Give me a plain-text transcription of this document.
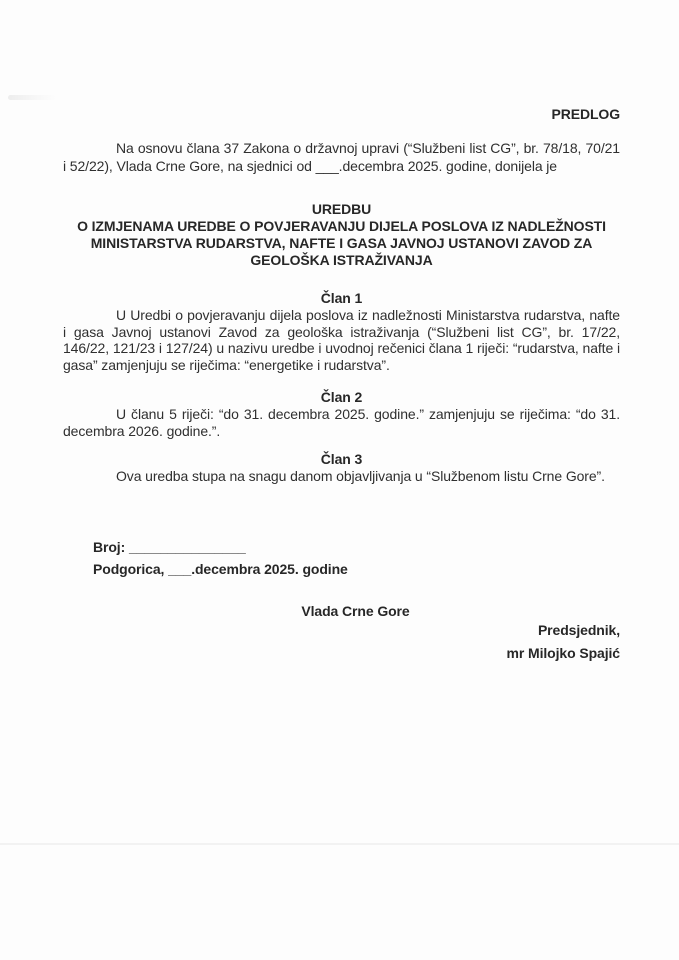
PREDLOG

Na osnovu člana 37 Zakona o državnoj upravi (“Službeni list CG”, br. 78/18, 70/21 i 52/22), Vlada Crne Gore, na sjednici od ___.decembra 2025. godine, donijela je

UREDBU
O IZMJENAMA UREDBE O POVJERAVANJU DIJELA POSLOVA IZ NADLEŽNOSTI
MINISTARSTVA RUDARSTVA, NAFTE I GASA JAVNOJ USTANOVI ZAVOD ZA
GEOLOŠKA ISTRAŽIVANJA
Član 1

U Uredbi o povjeravanju dijela poslova iz nadležnosti Ministarstva rudarstva, nafte i gasa Javnoj ustanovi Zavod za geološka istraživanja (“Službeni list CG”, br. 17/22, 146/22, 121/23 i 127/24) u nazivu uredbe i uvodnoj rečenici člana 1 riječi: “rudarstva, nafte i gasa” zamjenjuju se riječima: “energetike i rudarstva”.

Član 2

U članu 5 riječi: “do 31. decembra 2025. godine.” zamjenjuju se riječima: “do 31. decembra 2026. godine.”.

Član 3

Ova uredba stupa na snagu danom objavljivanja u “Službenom listu Crne Gore”.

Broj: _______________
Podgorica, ___.decembra 2025. godine
Vlada Crne Gore
Predsjednik,
mr Milojko Spajić
